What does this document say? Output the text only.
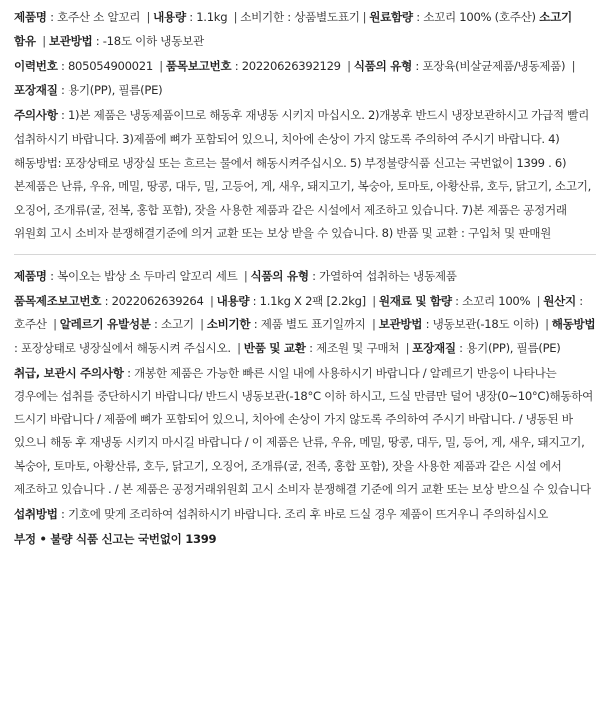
제품명 : 호주산 소 알꼬리 | 내용량 : 1.1kg | 소비기한 : 상품별도표기 | 원료함량 : 소꼬리 100% (호주산) 소고기 함유 | 보관방법 : -18도 이하 냉동보관

이력번호 : 805054900021 | 품목보고번호 : 20220626392129 | 식품의 유형 : 포장육(비살균제품/냉동제품) |포장재질 : 용기(PP), 필름(PE)

주의사항 : 1)본 제품은 냉동제품이므로 해동후 재냉동 시키지 마십시오. 2)개봉후 반드시 냉장보관하시고 가급적 빨리 섭취하시기 바랍니다. 3)제품에 뼈가 포함되어 있으니, 치아에 손상이 가지 않도록 주의하여 주시기 바랍니다. 4)해동방법: 포장상태로 냉장실 또는 흐르는 물에서 해동시켜주십시오. 5) 부정불량식품 신고는 국번없이 1399 . 6) 본제품은 난류, 우유, 메밀, 땅콩, 대두, 밀, 고등어, 게, 새우, 돼지고기, 복숭아, 토마토, 아황산류, 호두, 닭고기, 소고기, 오징어, 조개류(굴, 전복, 홍합 포함), 잣을 사용한 제품과 같은 시설에서 제조하고 있습니다. 7)본 제품은 공정거래 위원회 고시 소비자 분쟁해결기준에 의거 교환 또는 보상 받을 수 있습니다. 8) 반품 및 교환 : 구입처 및 판매원

제품명 : 복이오는 밥상 소 두마리 알꼬리 세트 | 식품의 유형 : 가열하여 섭취하는 냉동제품

품목제조보고번호 : 2022062639264 | 내용량 : 1.1kg X 2팩 [2.2kg] | 원재료 및 함량 : 소꼬리 100% | 원산지 : 호주산 | 알레르기 유발성분 : 소고기 | 소비기한 : 제품 별도 표기일까지 | 보관방법 : 냉동보관(-18도 이하) | 해동방법 : 포장상태로 냉장실에서 해동시켜 주십시오. | 반품 및 교환 : 제조원 및 구매처 | 포장재질 : 용기(PP), 필름(PE)

취급, 보관시 주의사항 : 개봉한 제품은 가능한 빠른 시일 내에 사용하시기 바랍니다 / 알레르기 반응이 나타나는 경우에는 섭취를 중단하시기 바랍니다/ 반드시 냉동보관(-18°C 이하 하시고, 드실 만큼만 덜어 냉장(0~10°C)해동하여 드시기 바랍니다 / 제품에 뼈가 포함되어 있으니, 치아에 손상이 가지 않도록 주의하여 주시기 바랍니다. / 냉동된 바 있으니 해동 후 재냉동 시키지 마시길 바랍니다 / 이 제품은 난류, 우유, 메밀, 땅콩, 대두, 밀, 등어, 게, 새우, 돼지고기, 복숭아, 토마토, 아황산류, 호두, 닭고기, 오징어, 조개류(굴, 전족, 홍합 포함), 잣을 사용한 제품과 같은 시설 에서 제조하고 있습니다 . / 본 제품은 공정거래위원회 고시 소비자 분쟁해결 기준에 의거 교환 또는 보상 받으실 수 있습니다

섭취방법 : 기호에 맞게 조리하여 섭취하시기 바랍니다. 조리 후 바로 드실 경우 제품이 뜨거우니 주의하십시오

부정 • 불량 식품 신고는 국번없이 1399
